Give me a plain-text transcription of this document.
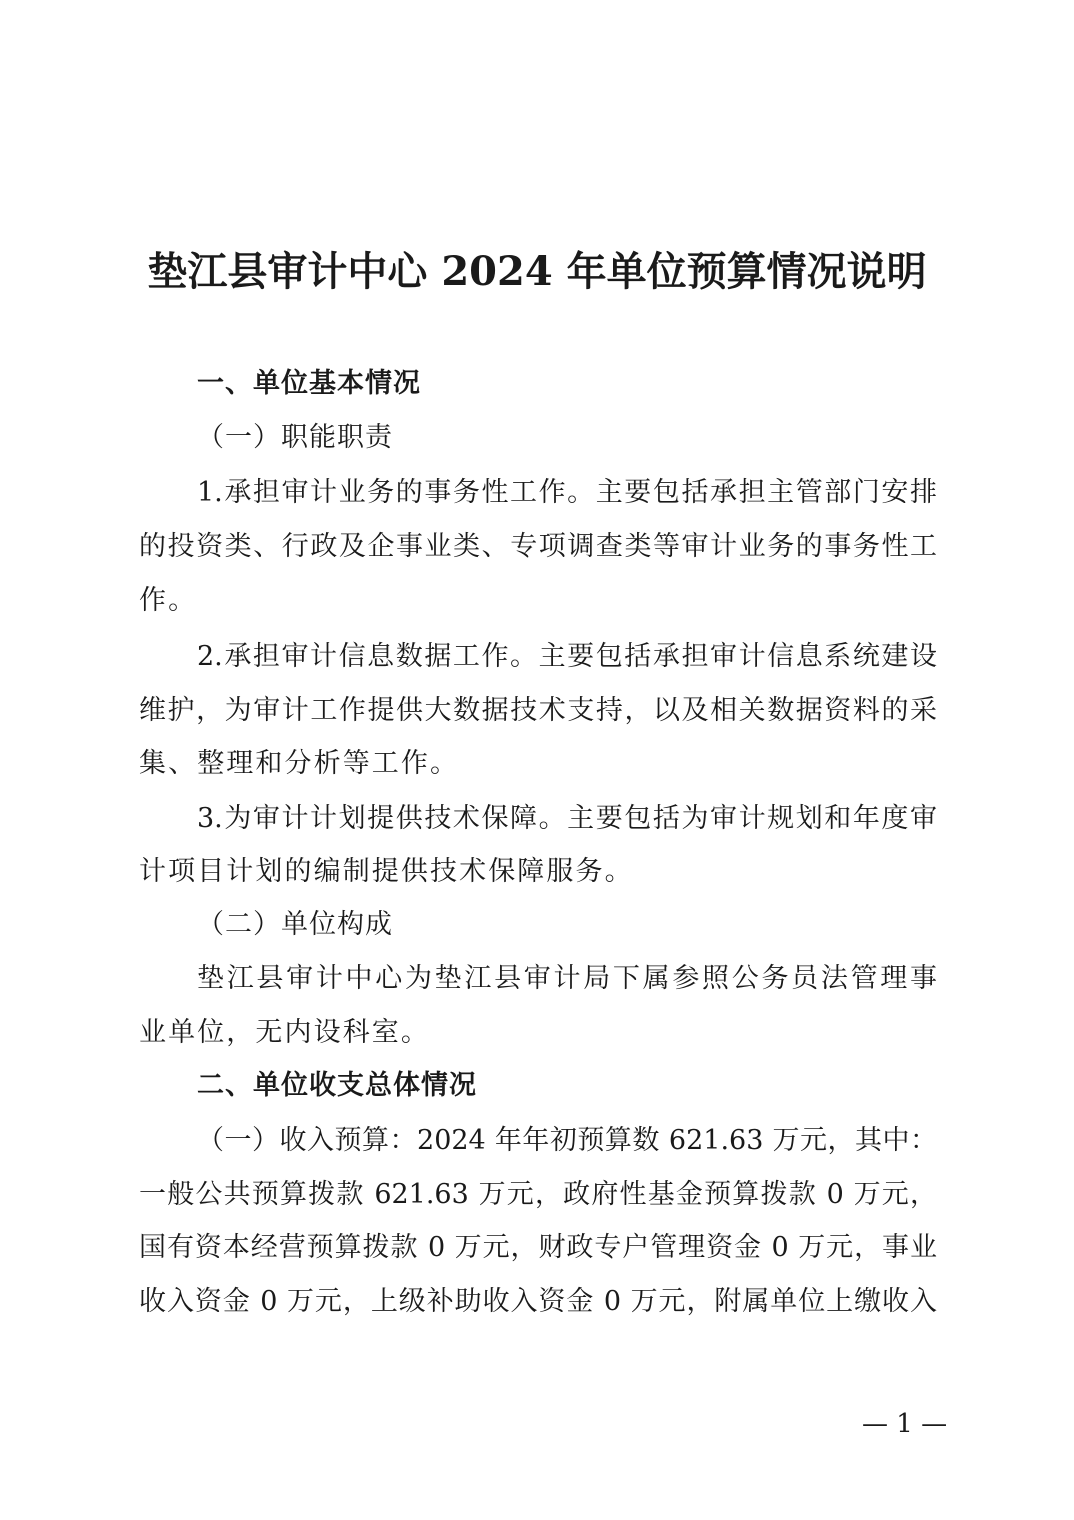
垫江县审计中心 2024 年单位预算情况说明
一、单位基本情况
（一）职能职责
1.承担审计业务的事务性工作。主要包括承担主管部门安排
的投资类、行政及企事业类、专项调查类等审计业务的事务性工
作。
2.承担审计信息数据工作。主要包括承担审计信息系统建设
维护，为审计工作提供大数据技术支持，以及相关数据资料的采
集、整理和分析等工作。
3.为审计计划提供技术保障。主要包括为审计规划和年度审
计项目计划的编制提供技术保障服务。
（二）单位构成
垫江县审计中心为垫江县审计局下属参照公务员法管理事
业单位，无内设科室。
二、单位收支总体情况
（一）收入预算：2024 年年初预算数 621.63 万元，其中：
一般公共预算拨款 621.63 万元，政府性基金预算拨款 0 万元，
国有资本经营预算拨款 0 万元，财政专户管理资金 0 万元，事业
收入资金 0 万元，上级补助收入资金 0 万元，附属单位上缴收入
— 1 —
